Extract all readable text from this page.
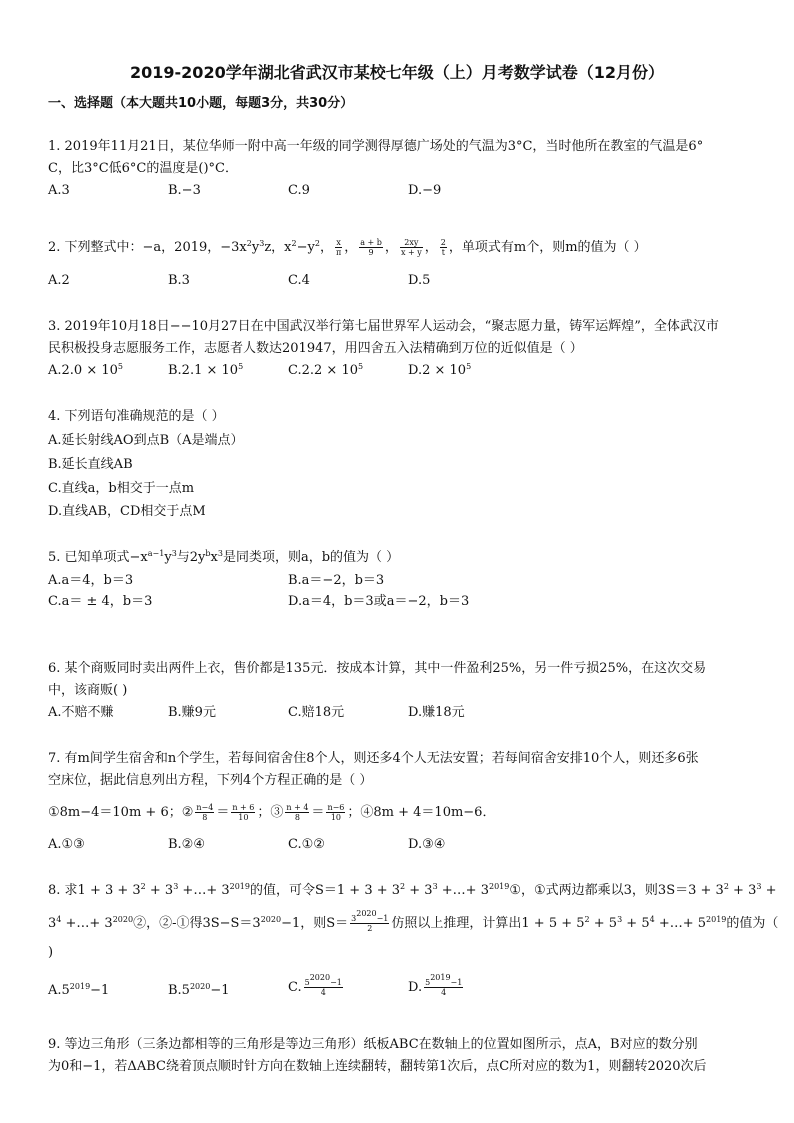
2019-2020学年湖北省武汉市某校七年级（上）月考数学试卷（12月份）
一、选择题（本大题共10小题，每题3分，共30分）
1. 2019年11月21日，某位华师一附中高一年级的同学测得厚德广场处的气温为3°C，当时他所在教室的气温是6°
C，比3°C低6°C的温度是()°C．
A.3	B.−3	C.9	D.−9
2. 下列整式中：−a，2019，$-3x^2y^3z$，$x^2-y^2$， $\frac{x}{\pi}$ ， $\frac{a + b}{9}$ ， $\frac{2xy}{x + y}$ ， $\frac{2}{t}$ ，单项式有m个，则m的值为（ ）
A.2	B.3	C.4	D.5
3. 2019年10月18日−−10月27日在中国武汉举行第七届世界军人运动会，“聚志愿力量，铸军运辉煌”，全体武汉市
民积极投身志愿服务工作，志愿者人数达201947，用四舍五入法精确到万位的近似值是（ ）
$A.2.0 \times 10^5$	$B.2.1 \times 10^5$	$C.2.2 \times 10^5$	$D.2 \times 10^5$
4. 下列语句准确规范的是（ ）
A.延长射线AO到点B（A是端点）
B.延长直线AB
C.直线a，b相交于一点m
D.直线AB，CD相交于点M
5. 已知单项式$-x^{a-1}y^3$与$2y^bx^3$是同类项，则a，b的值为（ ）
A.a＝4，b＝3	B.a＝−2，b＝3
C.a＝ ± 4，b＝3	D.a＝4，b＝3或a＝−2，b＝3
6. 某个商贩同时卖出两件上衣，售价都是135元．按成本计算，其中一件盈利25%，另一件亏损25%，在这次交易
中，该商贩( )
A.不赔不赚	B.赚9元	C.赔18元	D.赚18元
7. 有m间学生宿舍和n个学生，若每间宿舍住8个人，则还多4个人无法安置；若每间宿舍安排10个人，则还多6张
空床位，据此信息列出方程，下列4个方程正确的是（ ）
①8m−4＝10m + 6；② $\frac{n-4}{8} = \frac{n + 6}{10}$ ；③ $\frac{n + 4}{8} = \frac{n-6}{10}$ ；④8m + 4＝10m−6．
A.①③	B.②④	C.①②	D.③④
8. 求$1 + 3 + 3^2 + 3^3$ +…+ $3^{2019}$的值，可令$S=1 + 3 + 3^2 + 3^3$ +…+ $3^{2019}①$，①式两边都乘以3，则$3S=3 + 3^2 + 3^3$ +
$3^4$ +…+ $3^{2020}②$，②-①得$3S-S=3^{2020}-1$，则$S= \frac{3^{2020}-1}{2}$ 仿照以上推理，计算出$1 + 5 + 5^2 + 5^3 + 5^4$ +…+ $5^{2019}$的值为（
)
$A.5^{2019}-1$	$B.5^{2020}-1$	C. $\frac{5^{2020}-1}{4}$	D. $\frac{5^{2019}-1}{4}$
9. 等边三角形（三条边都相等的三角形是等边三角形）纸板ABC在数轴上的位置如图所示，点A，B对应的数分别
为0和−1，若ΔABC绕着顶点顺时针方向在数轴上连续翻转，翻转第1次后，点C所对应的数为1，则翻转2020次后
